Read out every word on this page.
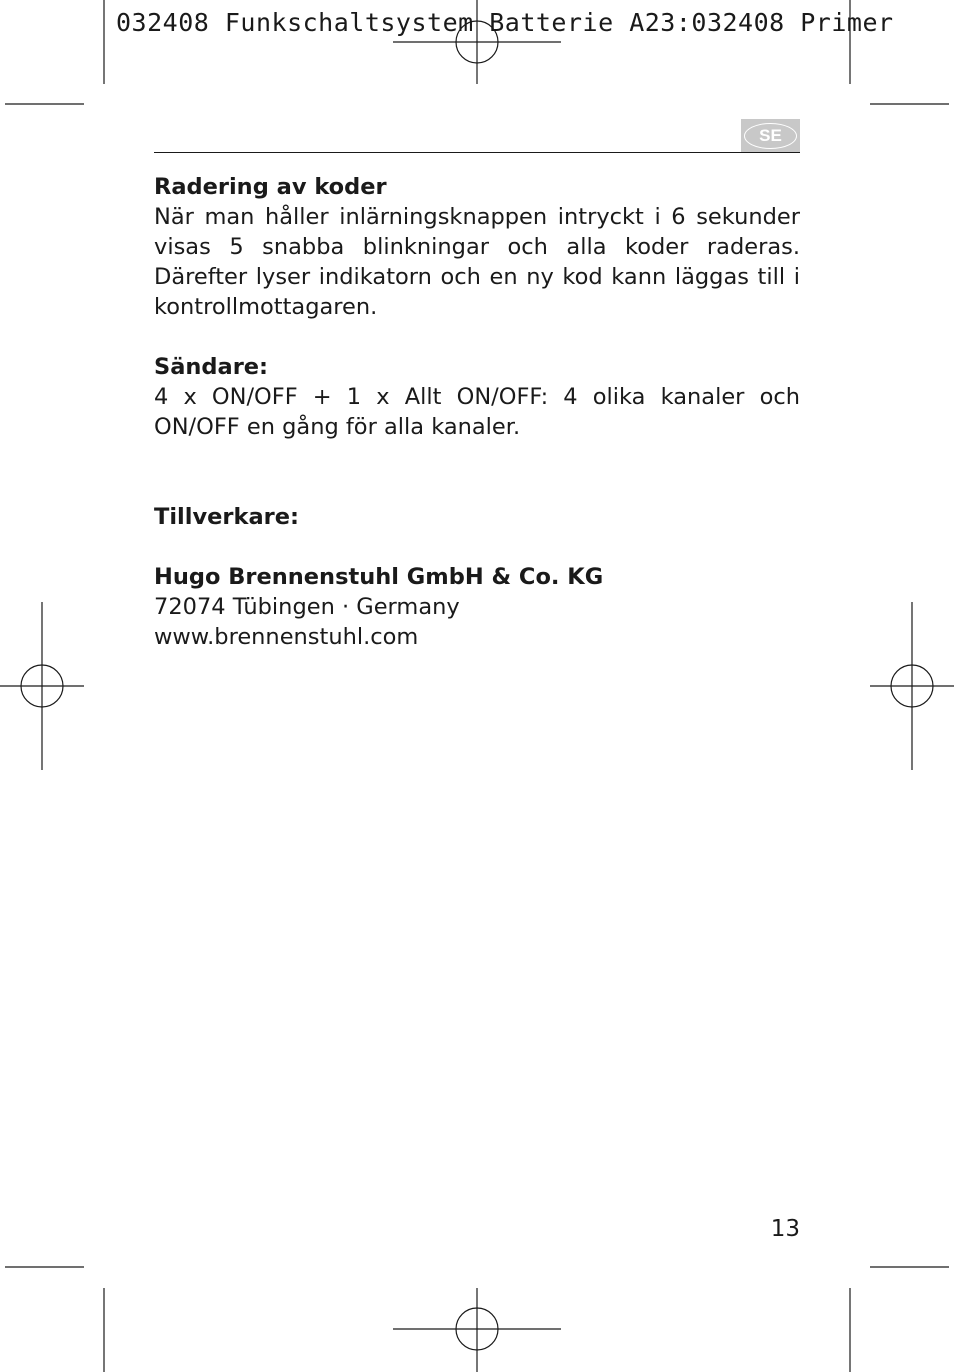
032408 Funkschaltsystem Batterie A23:032408 Primer
SE
Radering av koder

När man håller inlärningsknappen intryckt i 6 sekunder visas 5 snabba blinkningar och alla koder raderas. Därefter lyser indikatorn och en ny kod kann läggas till i kontrollmottagaren.

Sändare:

4 x ON/OFF + 1 x Allt ON/OFF: 4 olika kanaler och ON/OFF en gång för alla kanaler.

Tillverkare:

Hugo Brennenstuhl GmbH & Co. KG
72074 Tübingen · Germany
www.brennenstuhl.com
13
